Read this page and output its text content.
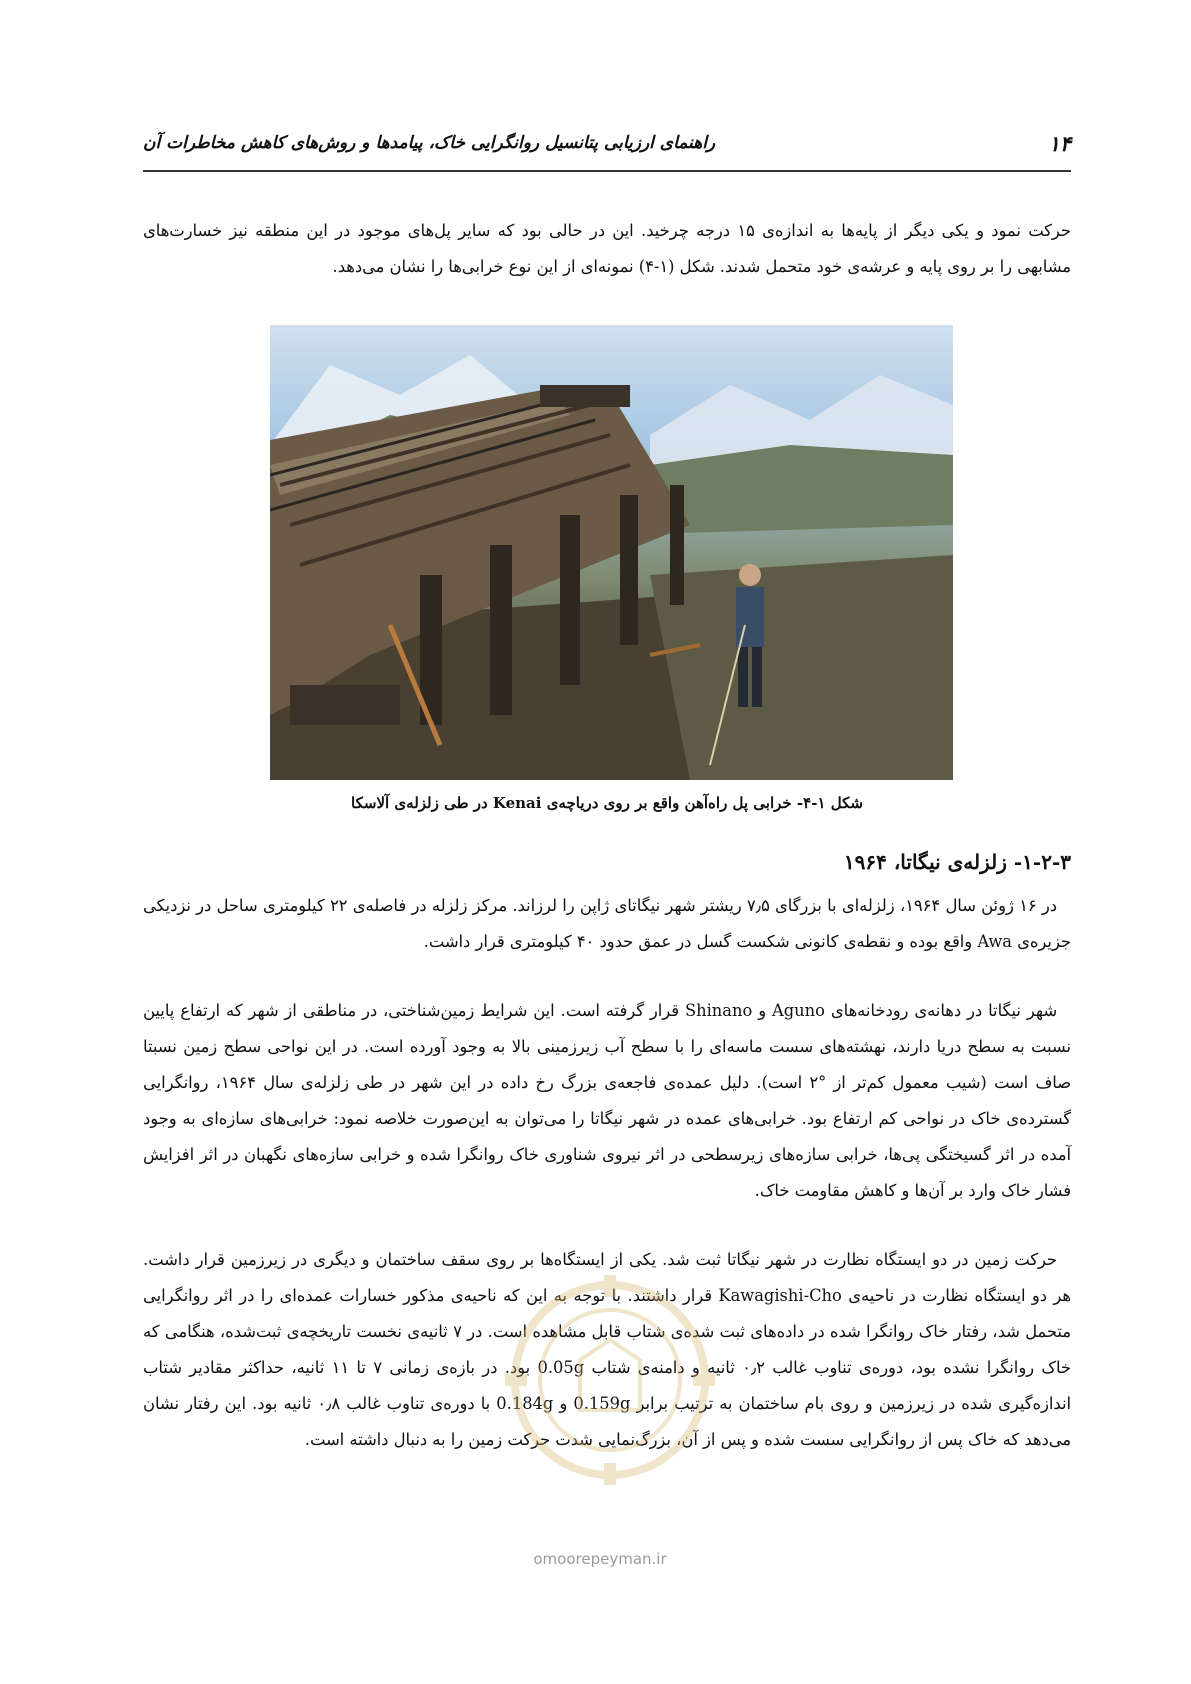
۱۴
راهنمای ارزیابی پتانسیل روانگرایی خاک، پیامدها و روش‌های کاهش مخاطرات آن

حرکت نمود و یکی دیگر از پایه‌ها به اندازه‌ی ۱۵ درجه چرخید. این در حالی بود که سایر پل‌های موجود در این منطقه نیز خسارت‌های مشابهی را بر روی پایه و عرشه‌ی خود متحمل شدند. شکل (۱-۴) نمونه‌ای از این نوع خرابی‌ها را نشان می‌دهد.

شکل ۱-۴- خرابی پل راه‌آهن واقع بر روی دریاچه‌ی Kenai در طی زلزله‌ی آلاسکا
۱-۲-۳- زلزله‌ی نیگاتا، ۱۹۶۴

در ۱۶ ژوئن سال ۱۹۶۴، زلزله‌ای با بزرگای ۷٫۵ ریشتر شهر نیگاتای ژاپن را لرزاند. مرکز زلزله در فاصله‌ی ۲۲ کیلومتری ساحل در نزدیکی جزیره‌ی Awa واقع بوده و نقطه‌ی کانونی شکست گسل در عمق حدود ۴۰ کیلومتری قرار داشت.

شهر نیگاتا در دهانه‌ی رودخانه‌های Aguno و Shinano قرار گرفته است. این شرایط زمین‌شناختی، در مناطقی از شهر که ارتفاع پایین نسبت به سطح دریا دارند، نهشته‌های سست ماسه‌ای را با سطح آب زیرزمینی بالا به وجود آورده است. در این نواحی سطح زمین نسبتا صاف است (شیب معمول کم‌تر از °۲ است). دلیل عمده‌ی فاجعه‌ی بزرگ رخ داده در این شهر در طی زلزله‌ی سال ۱۹۶۴، روانگرایی گسترده‌ی خاک در نواحی کم ارتفاع بود. خرابی‌های عمده در شهر نیگاتا را می‌توان به این‌صورت خلاصه نمود: خرابی‌های سازه‌ای به وجود آمده در اثر گسیختگی پی‌ها، خرابی سازه‌های زیرسطحی در اثر نیروی شناوری خاک روانگرا شده و خرابی سازه‌های نگهبان در اثر افزایش فشار خاک وارد بر آن‌ها و کاهش مقاومت خاک.

حرکت زمین در دو ایستگاه نظارت در شهر نیگاتا ثبت شد. یکی از ایستگاه‌ها بر روی سقف ساختمان و دیگری در زیرزمین قرار داشت. هر دو ایستگاه نظارت در ناحیه‌ی Kawagishi-Cho قرار داشتند. با توجه به این که ناحیه‌ی مذکور خسارات عمده‌ای را در اثر روانگرایی متحمل شد، رفتار خاک روانگرا شده در داده‌های ثبت شده‌ی شتاب قابل مشاهده است. در ۷ ثانیه‌ی نخست تاریخچه‌ی ثبت‌شده، هنگامی که خاک روانگرا نشده بود، دوره‌ی تناوب غالب ۰٫۲ ثانیه و دامنه‌ی شتاب 0.05g بود. در بازه‌ی زمانی ۷ تا ۱۱ ثانیه، حداکثر مقادیر شتاب اندازه‌گیری شده در زیرزمین و روی بام ساختمان به ترتیب برابر 0.159g و 0.184g با دوره‌ی تناوب غالب ۰٫۸ ثانیه بود. این رفتار نشان می‌دهد که خاک پس از روانگرایی سست شده و پس از آن، بزرگ‌نمایی شدت حرکت زمین را به دنبال داشته است.

omoorepeyman.ir
